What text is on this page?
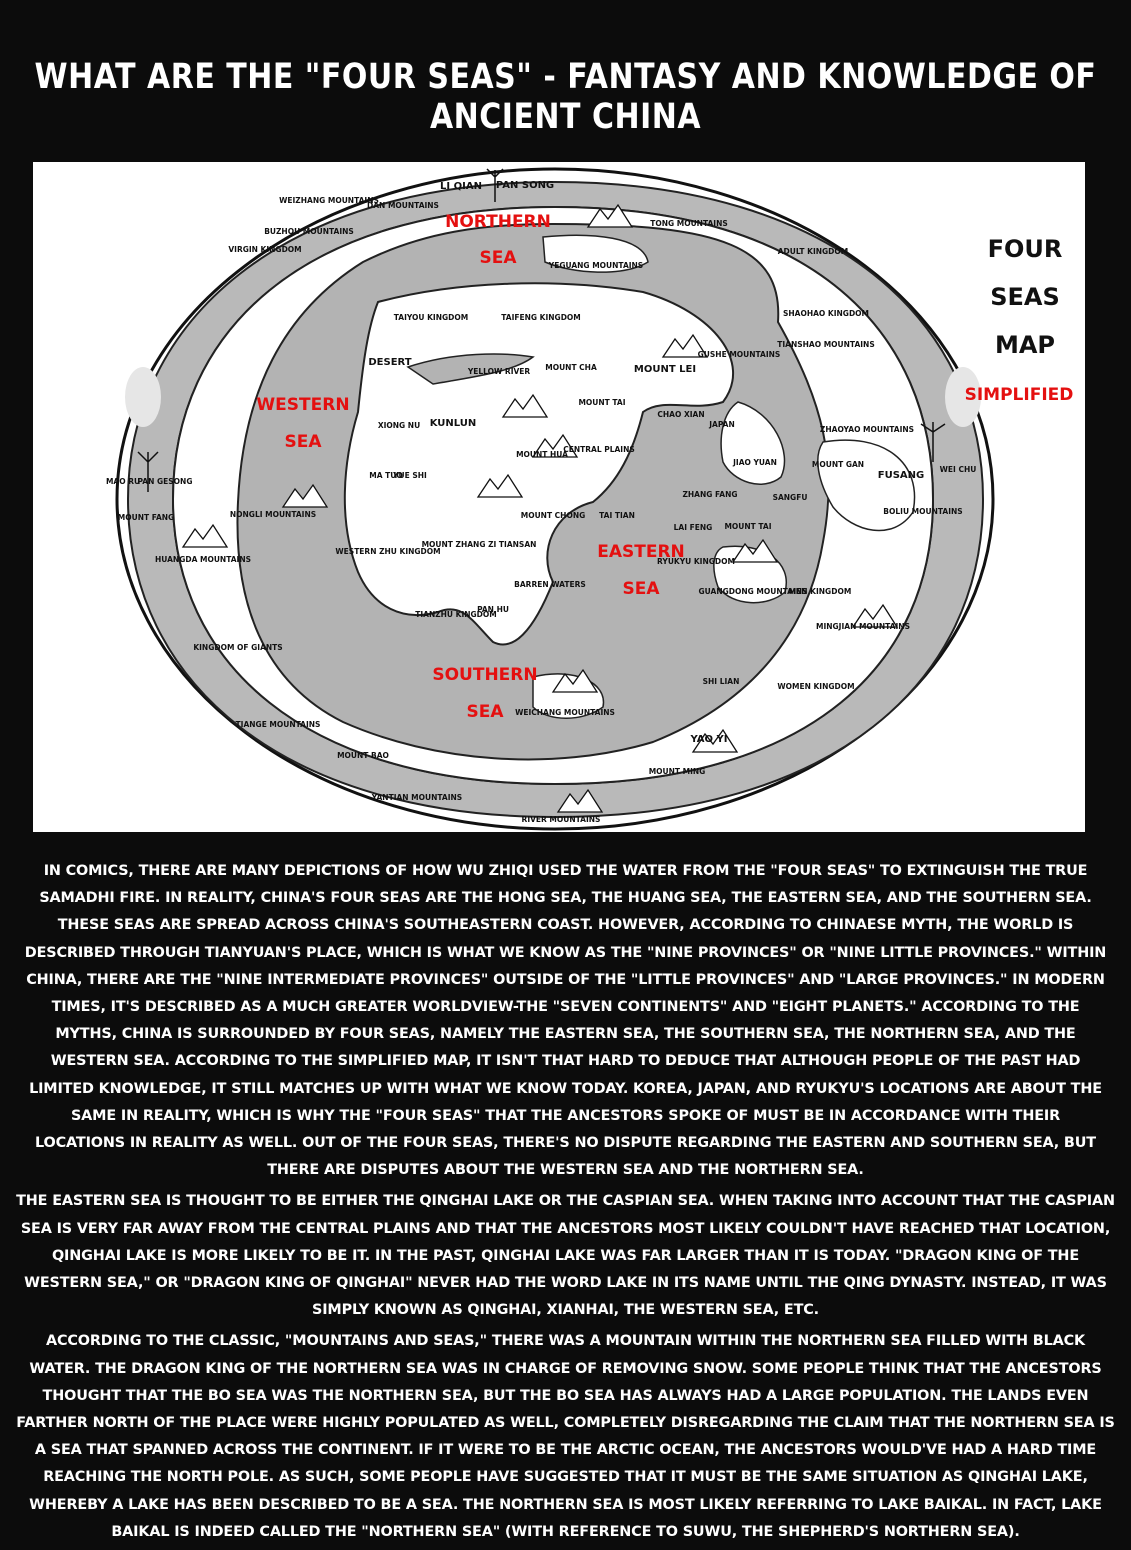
WHAT ARE THE "FOUR SEAS" - FANTASY AND KNOWLEDGE OF ANCIENT CHINA
NORTHERN
SEA
WESTERN
SEA
SOUTHERN
SEA
EASTERN
SEA
FOUR
SEAS
MAP
SIMPLIFIED
LI QIAN PAN SONG
WEIZHANG MOUNTAINS
DAN MOUNTAINS
BUZHOU MOUNTAINS
VIRGIN KINGDOM
TONG MOUNTAINS
YEGUANG MOUNTAINS
ADULT KINGDOM
SHAOHAO KINGDOM
TIANSHAO MOUNTAINS
TAIYOU KINGDOM	TAIFENG KINGDOM
DESERT
YELLOW RIVER MOUNT CHA	MOUNT LEI
GUSHE MOUNTAINS
MOUNT TAI
CHAO XIAN
JAPAN
ZHAOYAO MOUNTAINS
XIONG NU KUNLUN
MOUNT HUA
CENTRAL PLAINS
JIAO YUAN	MOUNT GAN
FUSANG
WEI CHU
MA TUO
YUE SHI
MAO RU
PAN GESONG
MOUNT FANG	NONGLI MOUNTAINS	MOUNT CHONG TAI TIAN
ZHANG FANG	SANGFU
BOLIU MOUNTAINS
LAI FENG MOUNT TAI
WESTERN ZHU KINGDOM
MOUNT ZHANG ZI TIANSAN
HUANGDA MOUNTAINS	RYUKYU KINGDOM
GUANGDONG MOUNTAINS
MEN KINGDOM
BARREN WATERS
TIANZHU KINGDOM
PAN HU
MINGJIAN MOUNTAINS
KINGDOM OF GIANTS
SHI LIAN
WOMEN KINGDOM
WEICHANG MOUNTAINS
TIANGE MOUNTAINS
MOUNT BAO
YAO YI
MOUNT MING
YANTIAN MOUNTAINS
RIVER MOUNTAINS

IN COMICS, THERE ARE MANY DEPICTIONS OF HOW WU ZHIQI USED THE WATER FROM THE "FOUR SEAS" TO EXTINGUISH THE TRUE SAMADHI FIRE. IN REALITY, CHINA'S FOUR SEAS ARE THE HONG SEA, THE HUANG SEA, THE EASTERN SEA, AND THE SOUTHERN SEA. THESE SEAS ARE SPREAD ACROSS CHINA'S SOUTHEASTERN COAST. HOWEVER, ACCORDING TO CHINAESE MYTH, THE WORLD IS DESCRIBED THROUGH TIANYUAN'S PLACE, WHICH IS WHAT WE KNOW AS THE "NINE PROVINCES" OR "NINE LITTLE PROVINCES." WITHIN CHINA, THERE ARE THE "NINE INTERMEDIATE PROVINCES" OUTSIDE OF THE "LITTLE PROVINCES" AND "LARGE PROVINCES." IN MODERN TIMES, IT'S DESCRIBED AS A MUCH GREATER WORLDVIEW-THE "SEVEN CONTINENTS" AND "EIGHT PLANETS." ACCORDING TO THE MYTHS, CHINA IS SURROUNDED BY FOUR SEAS, NAMELY THE EASTERN SEA, THE SOUTHERN SEA, THE NORTHERN SEA, AND THE WESTERN SEA. ACCORDING TO THE SIMPLIFIED MAP, IT ISN'T THAT HARD TO DEDUCE THAT ALTHOUGH PEOPLE OF THE PAST HAD LIMITED KNOWLEDGE, IT STILL MATCHES UP WITH WHAT WE KNOW TODAY. KOREA, JAPAN, AND RYUKYU'S LOCATIONS ARE ABOUT THE SAME IN REALITY, WHICH IS WHY THE "FOUR SEAS" THAT THE ANCESTORS SPOKE OF MUST BE IN ACCORDANCE WITH THEIR LOCATIONS IN REALITY AS WELL. OUT OF THE FOUR SEAS, THERE'S NO DISPUTE REGARDING THE EASTERN AND SOUTHERN SEA, BUT THERE ARE DISPUTES ABOUT THE WESTERN SEA AND THE NORTHERN SEA.

THE EASTERN SEA IS THOUGHT TO BE EITHER THE QINGHAI LAKE OR THE CASPIAN SEA. WHEN TAKING INTO ACCOUNT THAT THE CASPIAN SEA IS VERY FAR AWAY FROM THE CENTRAL PLAINS AND THAT THE ANCESTORS MOST LIKELY COULDN'T HAVE REACHED THAT LOCATION, QINGHAI LAKE IS MORE LIKELY TO BE IT. IN THE PAST, QINGHAI LAKE WAS FAR LARGER THAN IT IS TODAY. "DRAGON KING OF THE WESTERN SEA," OR "DRAGON KING OF QINGHAI" NEVER HAD THE WORD LAKE IN ITS NAME UNTIL THE QING DYNASTY. INSTEAD, IT WAS SIMPLY KNOWN AS QINGHAI, XIANHAI, THE WESTERN SEA, ETC.

ACCORDING TO THE CLASSIC, "MOUNTAINS AND SEAS," THERE WAS A MOUNTAIN WITHIN THE NORTHERN SEA FILLED WITH BLACK WATER. THE DRAGON KING OF THE NORTHERN SEA WAS IN CHARGE OF REMOVING SNOW. SOME PEOPLE THINK THAT THE ANCESTORS THOUGHT THAT THE BO SEA WAS THE NORTHERN SEA, BUT THE BO SEA HAS ALWAYS HAD A LARGE POPULATION. THE LANDS EVEN FARTHER NORTH OF THE PLACE WERE HIGHLY POPULATED AS WELL, COMPLETELY DISREGARDING THE CLAIM THAT THE NORTHERN SEA IS A SEA THAT SPANNED ACROSS THE CONTINENT. IF IT WERE TO BE THE ARCTIC OCEAN, THE ANCESTORS WOULD'VE HAD A HARD TIME REACHING THE NORTH POLE. AS SUCH, SOME PEOPLE HAVE SUGGESTED THAT IT MUST BE THE SAME SITUATION AS QINGHAI LAKE, WHEREBY A LAKE HAS BEEN DESCRIBED TO BE A SEA. THE NORTHERN SEA IS MOST LIKELY REFERRING TO LAKE BAIKAL. IN FACT, LAKE BAIKAL IS INDEED CALLED THE "NORTHERN SEA" (WITH REFERENCE TO SUWU, THE SHEPHERD'S NORTHERN SEA).
